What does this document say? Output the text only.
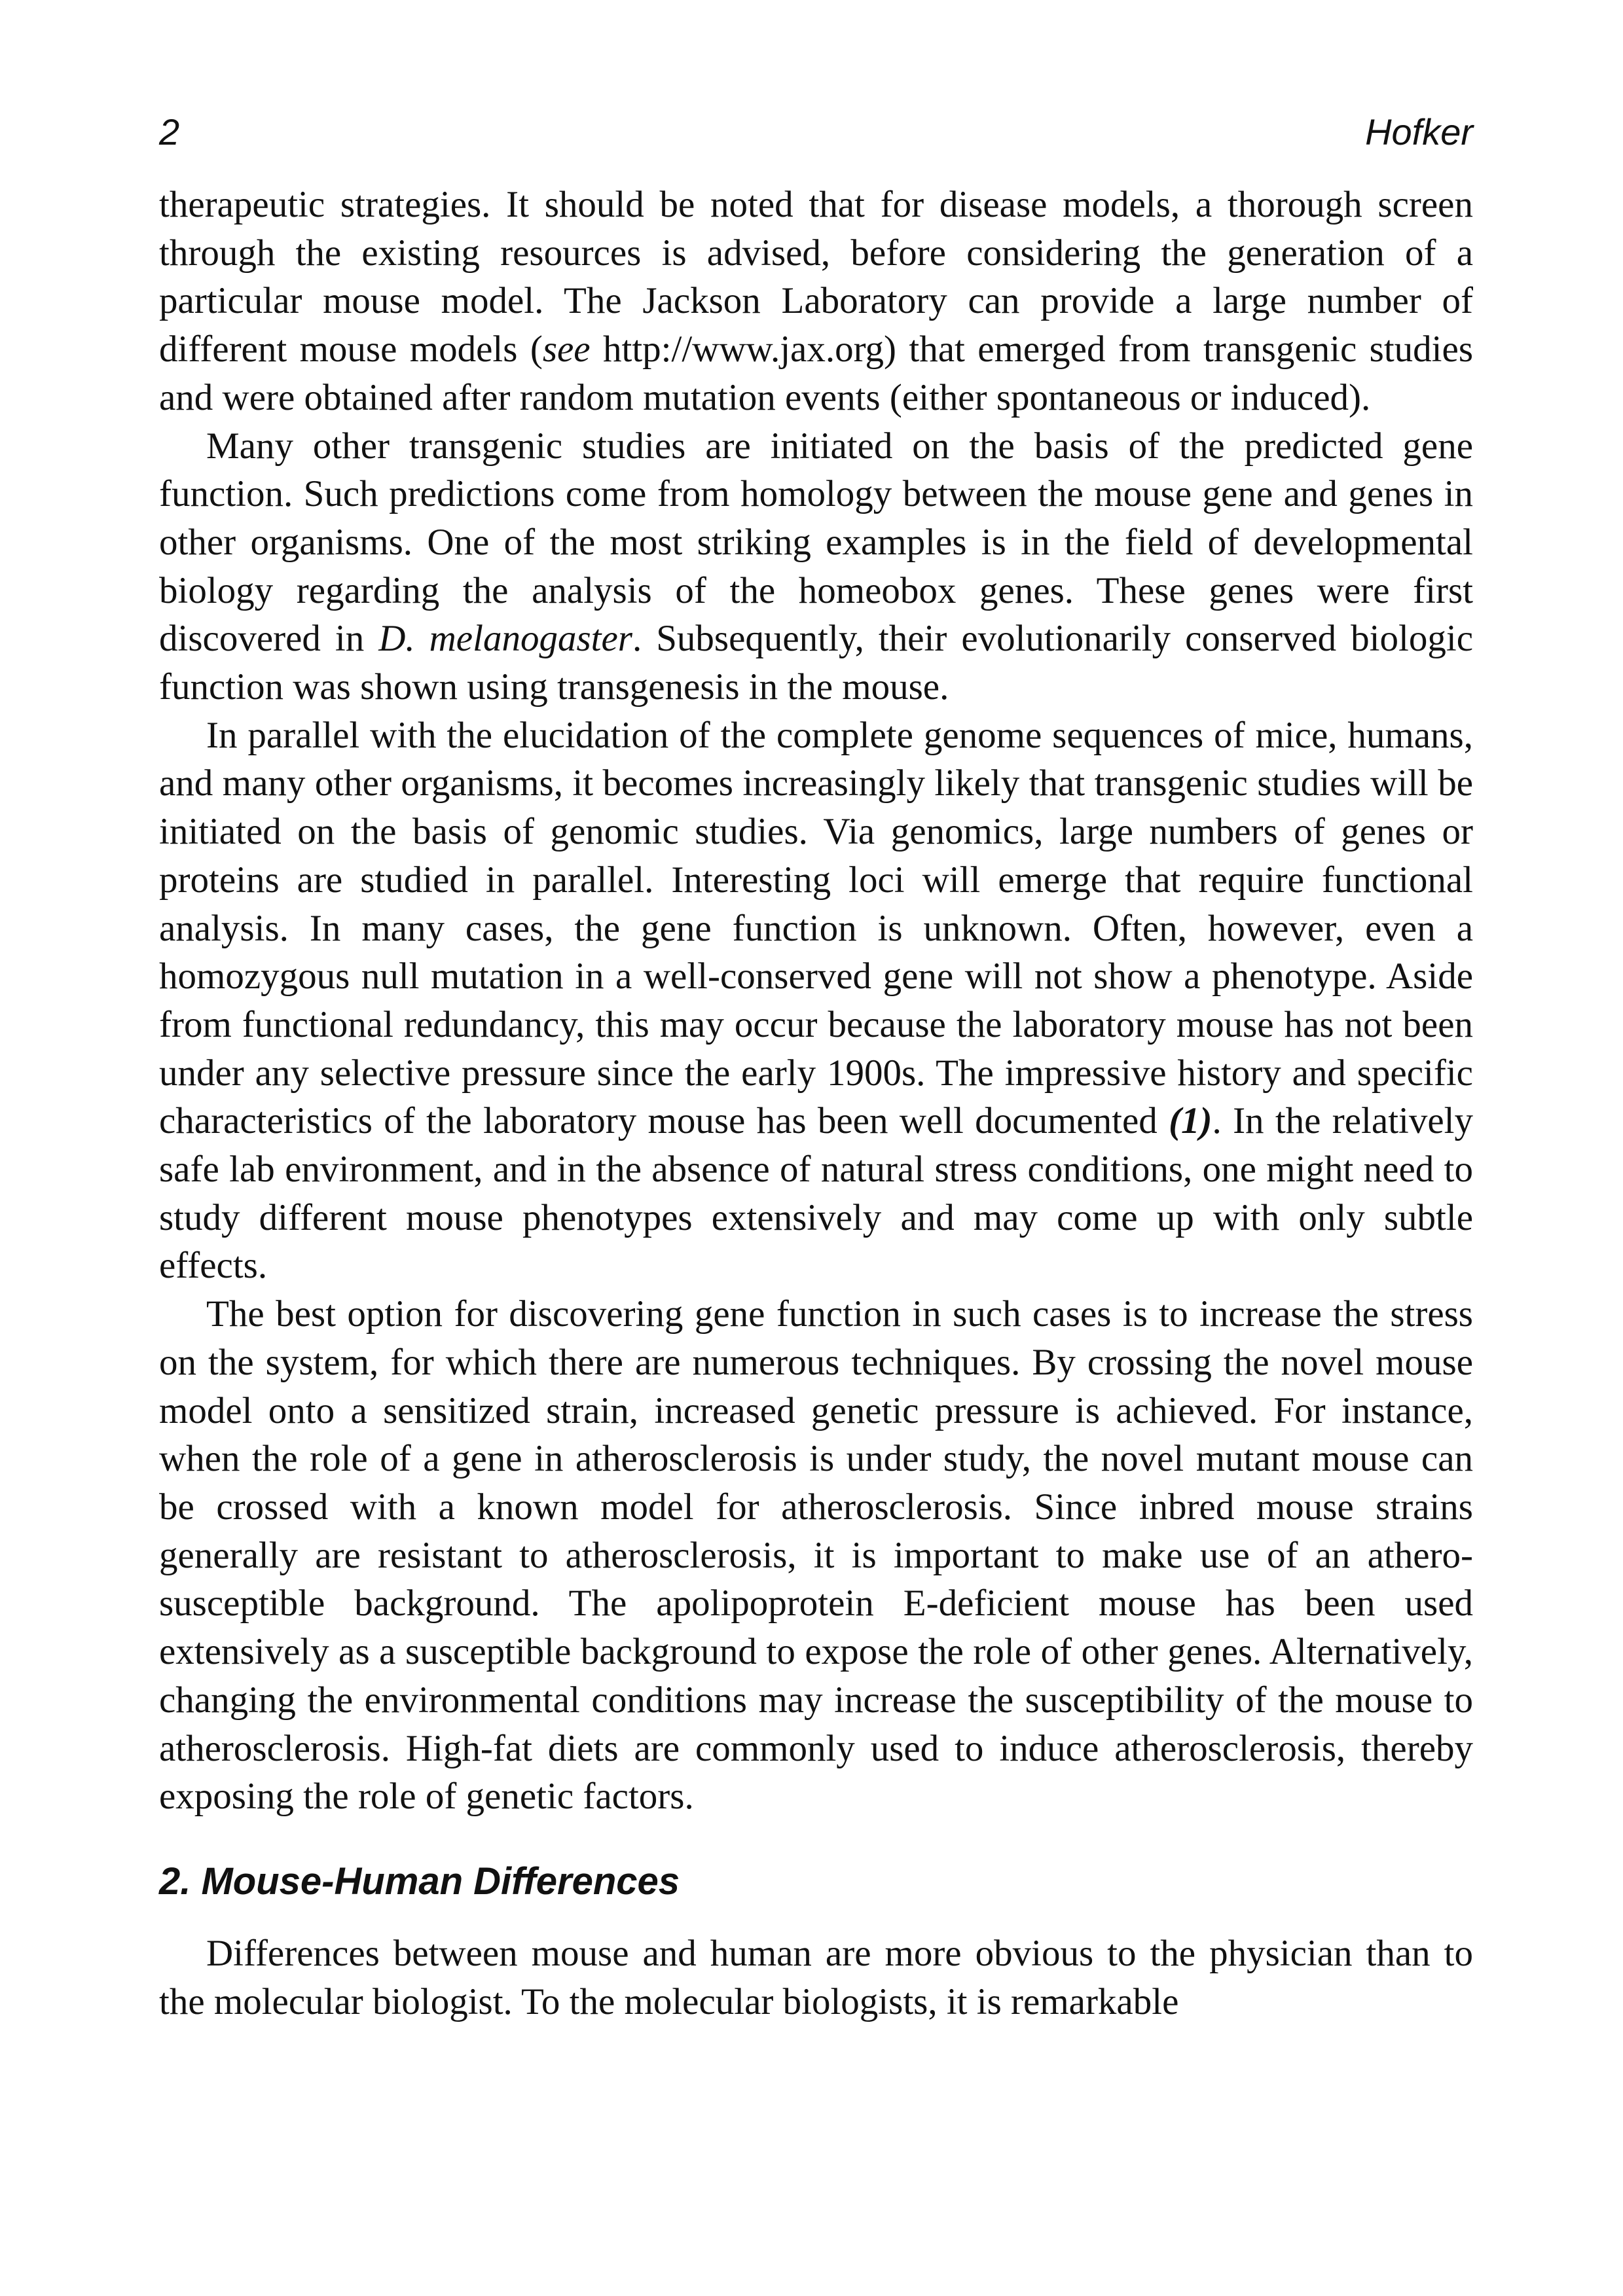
2	Hofker

therapeutic strategies. It should be noted that for disease models, a thorough screen through the existing resources is advised, before considering the generation of a particular mouse model. The Jackson Laboratory can provide a large number of different mouse models (see http://www.jax.org) that emerged from transgenic studies and were obtained after random mutation events (either spontaneous or induced).

Many other transgenic studies are initiated on the basis of the predicted gene function. Such predictions come from homology between the mouse gene and genes in other organisms. One of the most striking examples is in the field of developmental biology regarding the analysis of the homeobox genes. These genes were first discovered in D. melanogaster. Subsequently, their evolutionarily conserved biologic function was shown using transgenesis in the mouse.

In parallel with the elucidation of the complete genome sequences of mice, humans, and many other organisms, it becomes increasingly likely that transgenic studies will be initiated on the basis of genomic studies. Via genomics, large numbers of genes or proteins are studied in parallel. Interesting loci will emerge that require functional analysis. In many cases, the gene function is unknown. Often, however, even a homozygous null mutation in a well-conserved gene will not show a phenotype. Aside from functional redundancy, this may occur because the laboratory mouse has not been under any selective pressure since the early 1900s. The impressive history and specific characteristics of the laboratory mouse has been well documented (1). In the relatively safe lab environment, and in the absence of natural stress conditions, one might need to study different mouse phenotypes extensively and may come up with only subtle effects.

The best option for discovering gene function in such cases is to increase the stress on the system, for which there are numerous techniques. By crossing the novel mouse model onto a sensitized strain, increased genetic pressure is achieved. For instance, when the role of a gene in atherosclerosis is under study, the novel mutant mouse can be crossed with a known model for atherosclerosis. Since inbred mouse strains generally are resistant to atherosclerosis, it is important to make use of an athero-susceptible background. The apolipoprotein E-deficient mouse has been used extensively as a susceptible background to expose the role of other genes. Alternatively, changing the environmental conditions may increase the susceptibility of the mouse to atherosclerosis. High-fat diets are commonly used to induce atherosclerosis, thereby exposing the role of genetic factors.

2. Mouse-Human Differences

Differences between mouse and human are more obvious to the physician than to the molecular biologist. To the molecular biologists, it is remarkable
